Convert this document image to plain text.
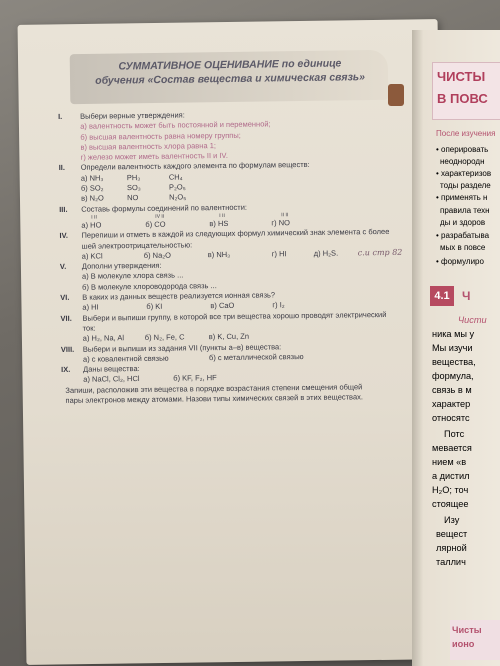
СУММАТИВНОЕ ОЦЕНИВАНИЕ по единице
обучения «Состав вещества и химическая связь»
I.	Выбери верные утверждения:
а) валентность может быть постоянной и переменной;
б) высшая валентность равна номеру группы;
в) высшая валентность хлора равна 1;
г) железо может иметь валентность II и IV.
II.	Определи валентность каждого элемента по формулам веществ:
а) NH₃	PH₃	CH₄
б) SO₂	SO₃	P₂O₅
в) N₂O	NO	N₂O₅
III.	Составь формулы соединений по валентности:
I II	IV II	I II	II II
а) HO	б) CO	в) HS	г) NO
IV.	Перепиши и отметь в каждой из следующих формул химический знак элемента с более
шей электроотрицательностью:
а) KCl	б) Na₂O	в) NH₃	г) HI	д) H₂S.	с.и стр 82
V.	Дополни утверждения:
а) В молекуле хлора связь ...
б) В молекуле хлороводорода связь ...
VI.	В каких из данных веществ реализуется ионная связь?
а) HI	б) KI	в) CaO	г) I₂
VII.	Выбери и выпиши группу, в которой все три вещества хорошо проводят электрический
ток:
а) H₂, Na, Al	б) N₂, Fe, C	в) K, Cu, Zn
VIII.	Выбери и выпиши из задания VII (пункты а–в) вещества:
а) с ковалентной связью	б) с металлической связью
IX.	Даны вещества:
а) NaCl, Cl₂, HCl	б) KF, F₂, HF
Запиши, расположив эти вещества в порядке возрастания степени смещения общей
пары электронов между атомами. Назови типы химических связей в этих веществах.
ЧИСТЫ
В ПОВС
После изучения
• оперировать
неоднородн
• характеризов
тоды разделе
• применять н
правила техн
ды и здоров
• разрабатыва
мых в повсе
• формулиро
4.1	Ч
Чисти
ника мы у
Мы изучи
вещества,
формула,
связь в м
характер
относятс
Потс
мевается
нием «в
а дистил
H₂O; точ
стоящее
Изу
вещест
лярной
таллич
Чисты
ионо
